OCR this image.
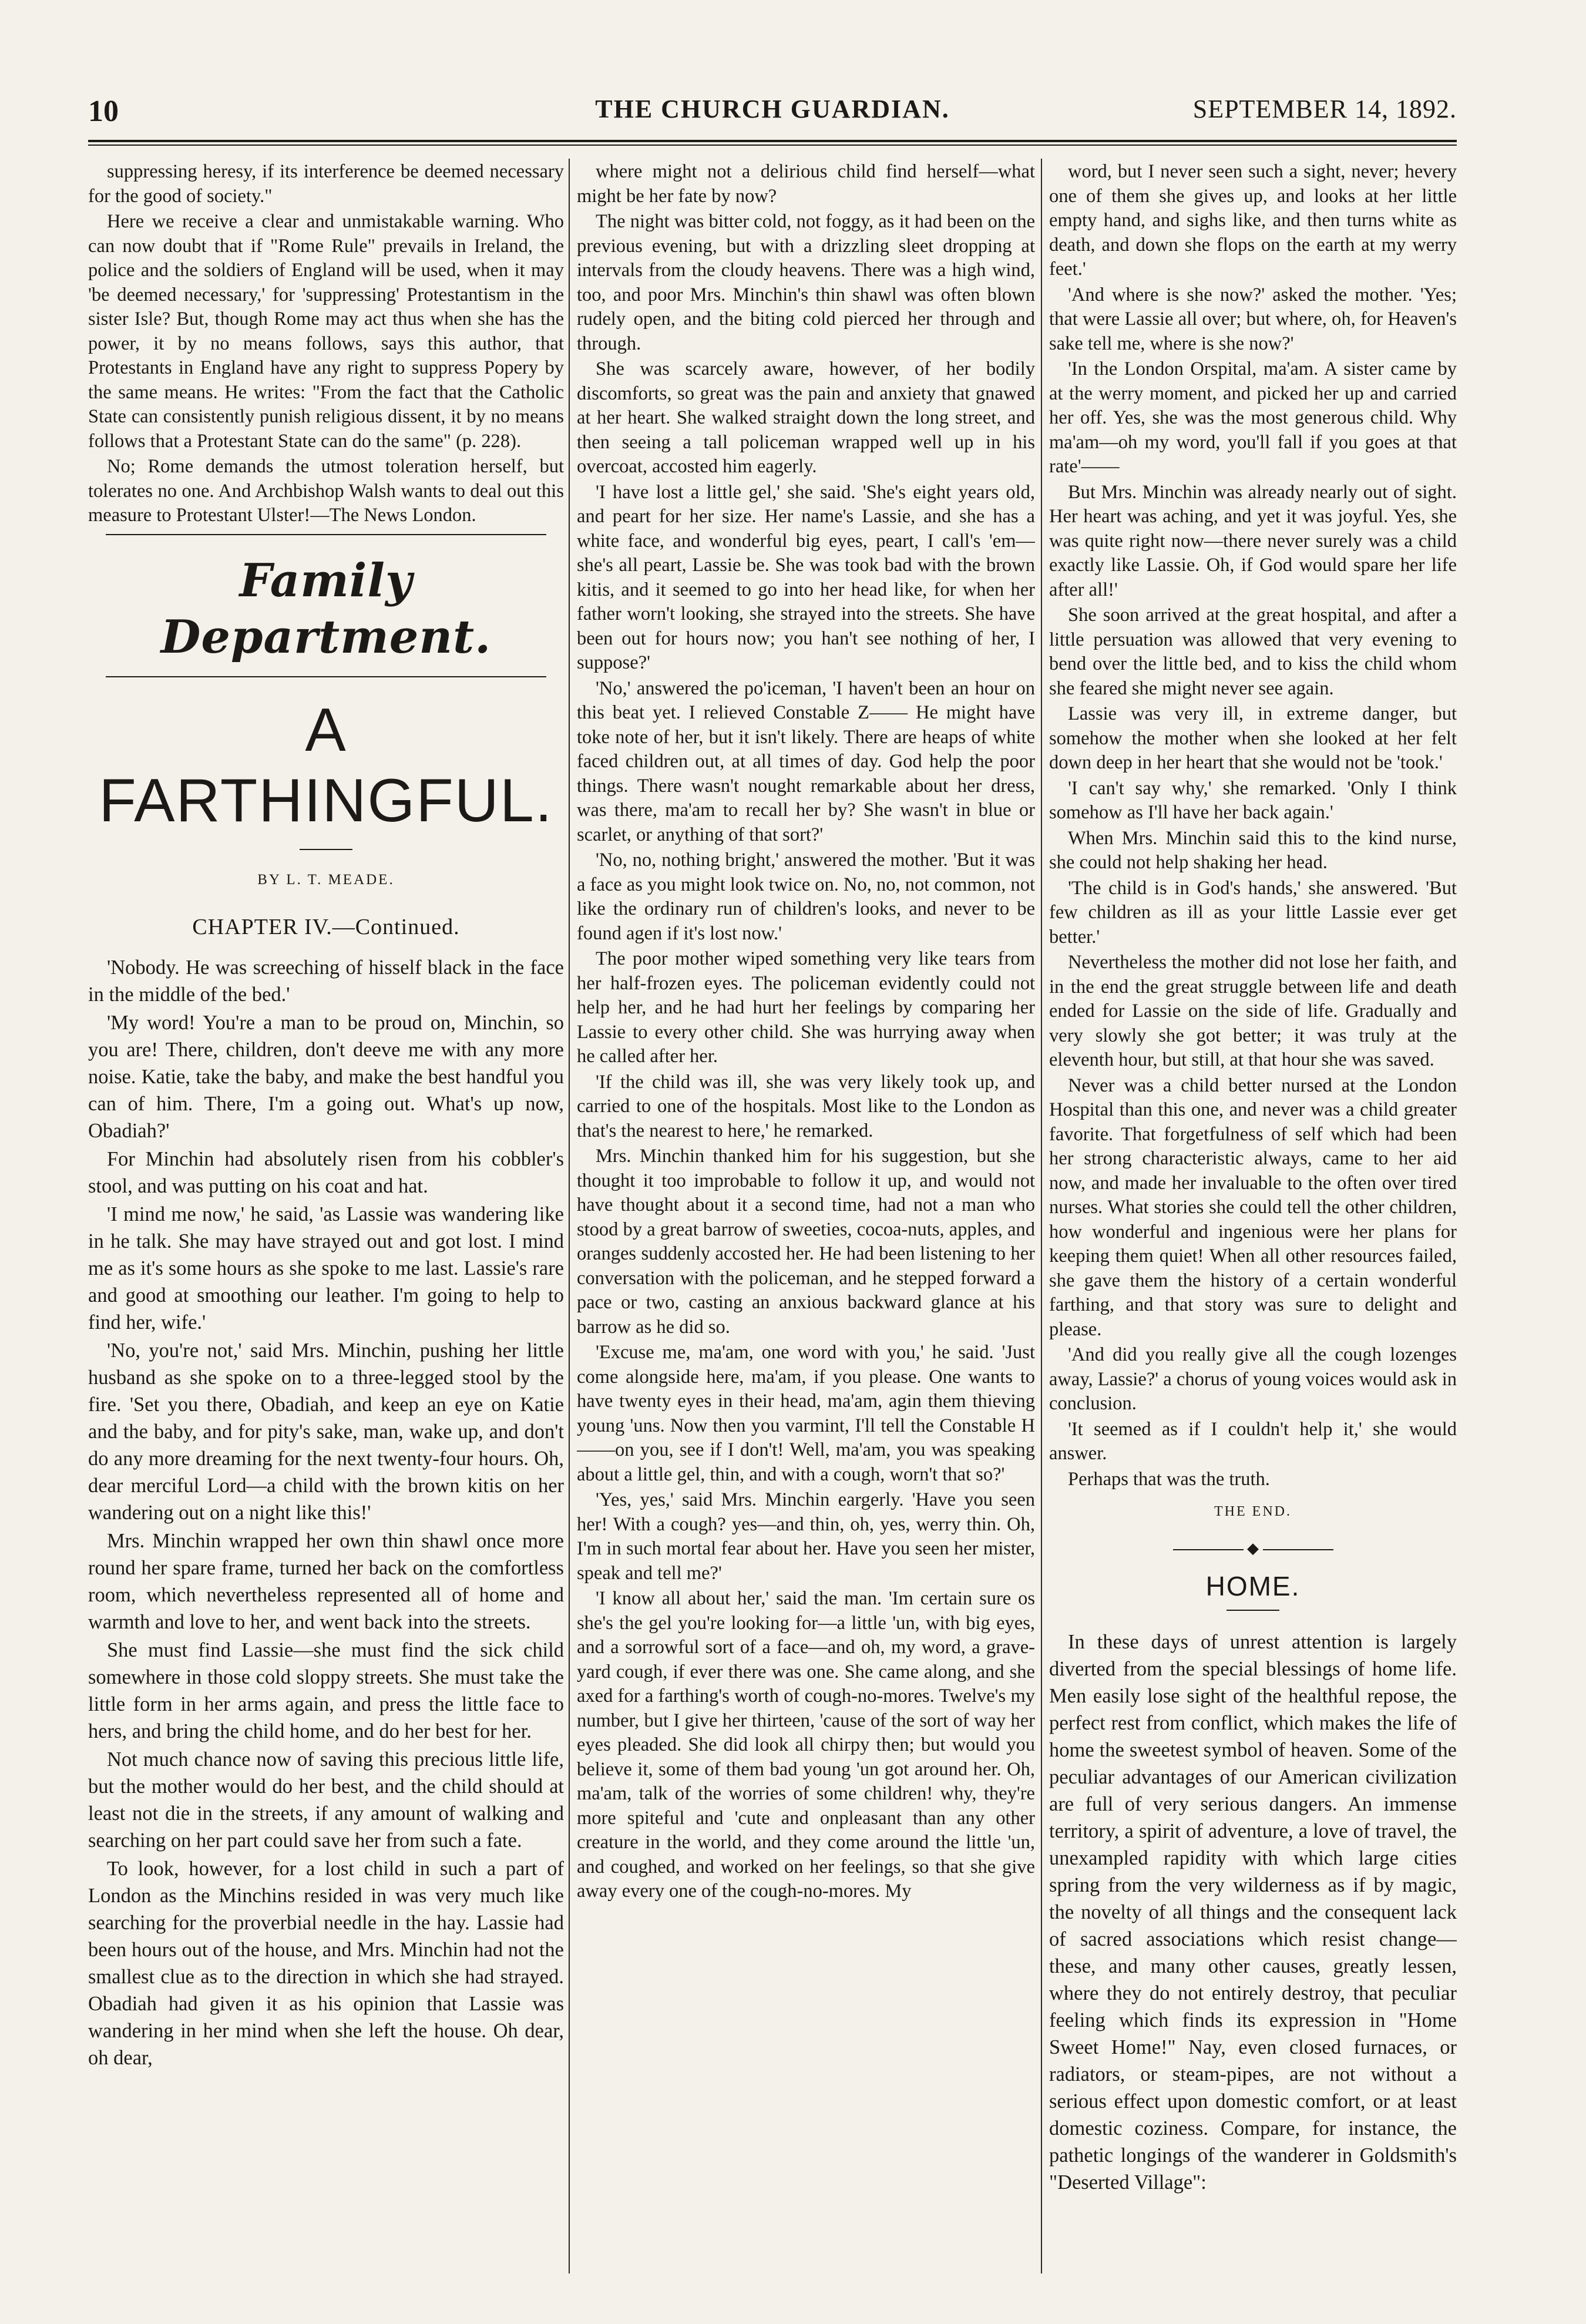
10	THE CHURCH GUARDIAN.	SEPTEMBER 14, 1892.

suppressing heresy, if its interference be deemed necessary for the good of society."

Here we receive a clear and unmistakable warning. Who can now doubt that if "Rome Rule" prevails in Ireland, the police and the soldiers of England will be used, when it may 'be deemed necessary,' for 'suppressing' Protestantism in the sister Isle? But, though Rome may act thus when she has the power, it by no means follows, says this author, that Protestants in England have any right to suppress Popery by the same means. He writes: "From the fact that the Catholic State can consistently punish religious dissent, it by no means follows that a Protestant State can do the same" (p. 228).

No; Rome demands the utmost toleration herself, but tolerates no one. And Archbishop Walsh wants to deal out this measure to Protestant Ulster!—The News London.

Family Department.
A FARTHINGFUL.
BY L. T. MEADE.
CHAPTER IV.—Continued.

'Nobody. He was screeching of hisself black in the face in the middle of the bed.'

'My word! You're a man to be proud on, Minchin, so you are! There, children, don't deeve me with any more noise. Katie, take the baby, and make the best handful you can of him. There, I'm a going out. What's up now, Obadiah?'

For Minchin had absolutely risen from his cobbler's stool, and was putting on his coat and hat.

'I mind me now,' he said, 'as Lassie was wandering like in he talk. She may have strayed out and got lost. I mind me as it's some hours as she spoke to me last. Lassie's rare and good at smoothing our leather. I'm going to help to find her, wife.'

'No, you're not,' said Mrs. Minchin, pushing her little husband as she spoke on to a three-legged stool by the fire. 'Set you there, Obadiah, and keep an eye on Katie and the baby, and for pity's sake, man, wake up, and don't do any more dreaming for the next twenty-four hours. Oh, dear merciful Lord—a child with the brown kitis on her wandering out on a night like this!'

Mrs. Minchin wrapped her own thin shawl once more round her spare frame, turned her back on the comfortless room, which nevertheless represented all of home and warmth and love to her, and went back into the streets.

She must find Lassie—she must find the sick child somewhere in those cold sloppy streets. She must take the little form in her arms again, and press the little face to hers, and bring the child home, and do her best for her.

Not much chance now of saving this precious little life, but the mother would do her best, and the child should at least not die in the streets, if any amount of walking and searching on her part could save her from such a fate.

To look, however, for a lost child in such a part of London as the Minchins resided in was very much like searching for the proverbial needle in the hay. Lassie had been hours out of the house, and Mrs. Minchin had not the smallest clue as to the direction in which she had strayed. Obadiah had given it as his opinion that Lassie was wandering in her mind when she left the house. Oh dear, oh dear,

where might not a delirious child find herself—what might be her fate by now?

The night was bitter cold, not foggy, as it had been on the previous evening, but with a drizzling sleet dropping at intervals from the cloudy heavens. There was a high wind, too, and poor Mrs. Minchin's thin shawl was often blown rudely open, and the biting cold pierced her through and through.

She was scarcely aware, however, of her bodily discomforts, so great was the pain and anxiety that gnawed at her heart. She walked straight down the long street, and then seeing a tall policeman wrapped well up in his overcoat, accosted him eagerly.

'I have lost a little gel,' she said. 'She's eight years old, and peart for her size. Her name's Lassie, and she has a white face, and wonderful big eyes, peart, I call's 'em—she's all peart, Lassie be. She was took bad with the brown kitis, and it seemed to go into her head like, for when her father worn't looking, she strayed into the streets. She have been out for hours now; you han't see nothing of her, I suppose?'

'No,' answered the po'iceman, 'I haven't been an hour on this beat yet. I relieved Constable Z—— He might have toke note of her, but it isn't likely. There are heaps of white faced children out, at all times of day. God help the poor things. There wasn't nought remarkable about her dress, was there, ma'am to recall her by? She wasn't in blue or scarlet, or anything of that sort?'

'No, no, nothing bright,' answered the mother. 'But it was a face as you might look twice on. No, no, not common, not like the ordinary run of children's looks, and never to be found agen if it's lost now.'

The poor mother wiped something very like tears from her half-frozen eyes. The policeman evidently could not help her, and he had hurt her feelings by comparing her Lassie to every other child. She was hurrying away when he called after her.

'If the child was ill, she was very likely took up, and carried to one of the hospitals. Most like to the London as that's the nearest to here,' he remarked.

Mrs. Minchin thanked him for his suggestion, but she thought it too improbable to follow it up, and would not have thought about it a second time, had not a man who stood by a great barrow of sweeties, cocoa-nuts, apples, and oranges suddenly accosted her. He had been listening to her conversation with the policeman, and he stepped forward a pace or two, casting an anxious backward glance at his barrow as he did so.

'Excuse me, ma'am, one word with you,' he said. 'Just come alongside here, ma'am, if you please. One wants to have twenty eyes in their head, ma'am, agin them thieving young 'uns. Now then you varmint, I'll tell the Constable H——on you, see if I don't! Well, ma'am, you was speaking about a little gel, thin, and with a cough, worn't that so?'

'Yes, yes,' said Mrs. Minchin eargerly. 'Have you seen her! With a cough? yes—and thin, oh, yes, werry thin. Oh, I'm in such mortal fear about her. Have you seen her mister, speak and tell me?'

'I know all about her,' said the man. 'Im certain sure os she's the gel you're looking for—a little 'un, with big eyes, and a sorrowful sort of a face—and oh, my word, a grave-yard cough, if ever there was one. She came along, and she axed for a farthing's worth of cough-no-mores. Twelve's my number, but I give her thirteen, 'cause of the sort of way her eyes pleaded. She did look all chirpy then; but would you believe it, some of them bad young 'un got around her. Oh, ma'am, talk of the worries of some children! why, they're more spiteful and 'cute and onpleasant than any other creature in the world, and they come around the little 'un, and coughed, and worked on her feelings, so that she give away every one of the cough-no-mores. My

word, but I never seen such a sight, never; hevery one of them she gives up, and looks at her little empty hand, and sighs like, and then turns white as death, and down she flops on the earth at my werry feet.'

'And where is she now?' asked the mother. 'Yes; that were Lassie all over; but where, oh, for Heaven's sake tell me, where is she now?'

'In the London Orspital, ma'am. A sister came by at the werry moment, and picked her up and carried her off. Yes, she was the most generous child. Why ma'am—oh my word, you'll fall if you goes at that rate'——

But Mrs. Minchin was already nearly out of sight. Her heart was aching, and yet it was joyful. Yes, she was quite right now—there never surely was a child exactly like Lassie. Oh, if God would spare her life after all!'

She soon arrived at the great hospital, and after a little persuation was allowed that very evening to bend over the little bed, and to kiss the child whom she feared she might never see again.

Lassie was very ill, in extreme danger, but somehow the mother when she looked at her felt down deep in her heart that she would not be 'took.'

'I can't say why,' she remarked. 'Only I think somehow as I'll have her back again.'

When Mrs. Minchin said this to the kind nurse, she could not help shaking her head.

'The child is in God's hands,' she answered. 'But few children as ill as your little Lassie ever get better.'

Nevertheless the mother did not lose her faith, and in the end the great struggle between life and death ended for Lassie on the side of life. Gradually and very slowly she got better; it was truly at the eleventh hour, but still, at that hour she was saved.

Never was a child better nursed at the London Hospital than this one, and never was a child greater favorite. That forgetfulness of self which had been her strong characteristic always, came to her aid now, and made her invaluable to the often over tired nurses. What stories she could tell the other children, how wonderful and ingenious were her plans for keeping them quiet! When all other resources failed, she gave them the history of a certain wonderful farthing, and that story was sure to delight and please.

'And did you really give all the cough lozenges away, Lassie?' a chorus of young voices would ask in conclusion.

'It seemed as if I couldn't help it,' she would answer.

Perhaps that was the truth.

THE END.
◆
HOME.

In these days of unrest attention is largely diverted from the special blessings of home life. Men easily lose sight of the healthful repose, the perfect rest from conflict, which makes the life of home the sweetest symbol of heaven. Some of the peculiar advantages of our American civilization are full of very serious dangers. An immense territory, a spirit of adventure, a love of travel, the unexampled rapidity with which large cities spring from the very wilderness as if by magic, the novelty of all things and the consequent lack of sacred associations which resist change—these, and many other causes, greatly lessen, where they do not entirely destroy, that peculiar feeling which finds its expression in "Home Sweet Home!" Nay, even closed furnaces, or radiators, or steam-pipes, are not without a serious effect upon domestic comfort, or at least domestic coziness. Compare, for instance, the pathetic longings of the wanderer in Goldsmith's "Deserted Village":
